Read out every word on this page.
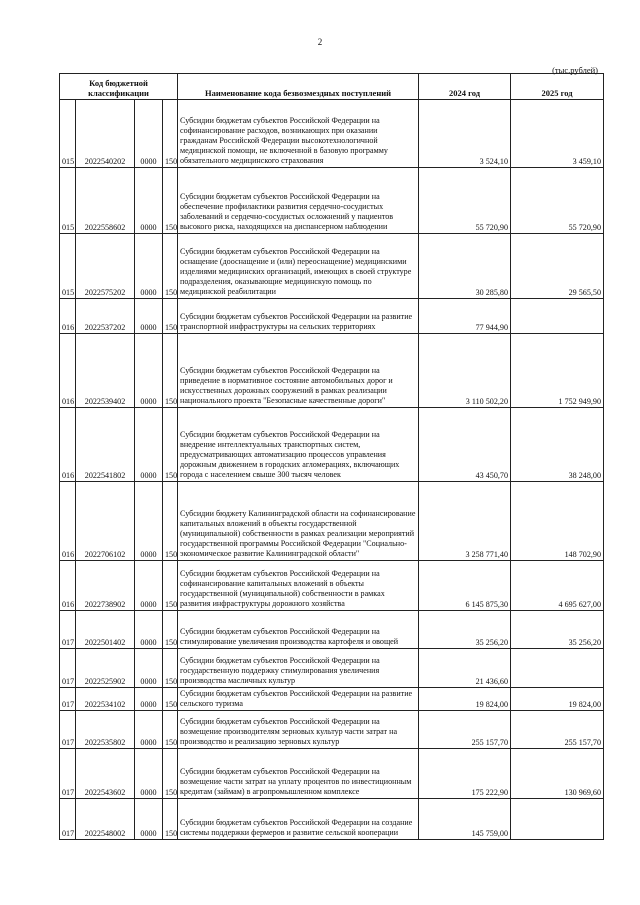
2
(тыс.рублей)
Код бюджетной классификации				Наименование кода безвозмездных поступлений	2024 год	2025 год
015	2022540202	0000	150	Субсидии бюджетам субъектов Российской Федерации на софинансирование расходов, возникающих при оказании гражданам Российской Федерации высокотехнологичной медицинской помощи, не включенной в базовую программу обязательного медицинского страхования	3 524,10	3 459,10
015	2022558602	0000	150	Субсидии бюджетам субъектов Российской Федерации на обеспечение профилактики развития сердечно-сосудистых заболеваний и сердечно-сосудистых осложнений у пациентов высокого риска, находящихся на диспансерном наблюдении	55 720,90	55 720,90
015	2022575202	0000	150	Субсидии бюджетам субъектов Российской Федерации на оснащение (дооснащение и (или) переоснащение) медицинскими изделиями медицинских организаций, имеющих в своей структуре подразделения, оказывающие медицинскую помощь по медицинской реабилитации	30 285,80	29 565,50
016	2022537202	0000	150	Субсидии бюджетам субъектов Российской Федерации на развитие транспортной инфраструктуры на сельских территориях	77 944,90	
016	2022539402	0000	150	Субсидии бюджетам субъектов Российской Федерации на приведение в нормативное состояние автомобильных дорог и искусственных дорожных сооружений в рамках реализации национального проекта "Безопасные качественные дороги"	3 110 502,20	1 752 949,90
016	2022541802	0000	150	Субсидии бюджетам субъектов Российской Федерации на внедрение интеллектуальных транспортных систем, предусматривающих автоматизацию процессов управления дорожным движением в городских агломерациях, включающих города с населением свыше 300 тысяч человек	43 450,70	38 248,00
016	2022706102	0000	150	Субсидии бюджету Калининградской области на софинансирование капитальных вложений в объекты государственной (муниципальной) собственности в рамках реализации мероприятий государственной программы Российской Федерации "Социально-экономическое развитие Калининградской области"	3 258 771,40	148 702,90
016	2022738902	0000	150	Субсидии бюджетам субъектов Российской Федерации на софинансирование капитальных вложений в объекты государственной (муниципальной) собственности в рамках развития инфраструктуры дорожного хозяйства	6 145 875,30	4 695 627,00
017	2022501402	0000	150	Субсидии бюджетам субъектов Российской Федерации на стимулирование увеличения производства картофеля и овощей	35 256,20	35 256,20
017	2022525902	0000	150	Субсидии бюджетам субъектов Российской Федерации на государственную поддержку стимулирования увеличения производства масличных культур	21 436,60	
017	2022534102	0000	150	Субсидии бюджетам субъектов Российской Федерации на развитие сельского туризма	19 824,00	19 824,00
017	2022535802	0000	150	Субсидии бюджетам субъектов Российской Федерации на возмещение производителям зерновых культур части затрат на производство и реализацию зерновых культур	255 157,70	255 157,70
017	2022543602	0000	150	Субсидии бюджетам субъектов Российской Федерации на возмещение части затрат на уплату процентов по инвестиционным кредитам (займам) в агропромышленном комплексе	175 222,90	130 969,60
017	2022548002	0000	150	Субсидии бюджетам субъектов Российской Федерации на создание системы поддержки фермеров и развитие сельской кооперации	145 759,00	
